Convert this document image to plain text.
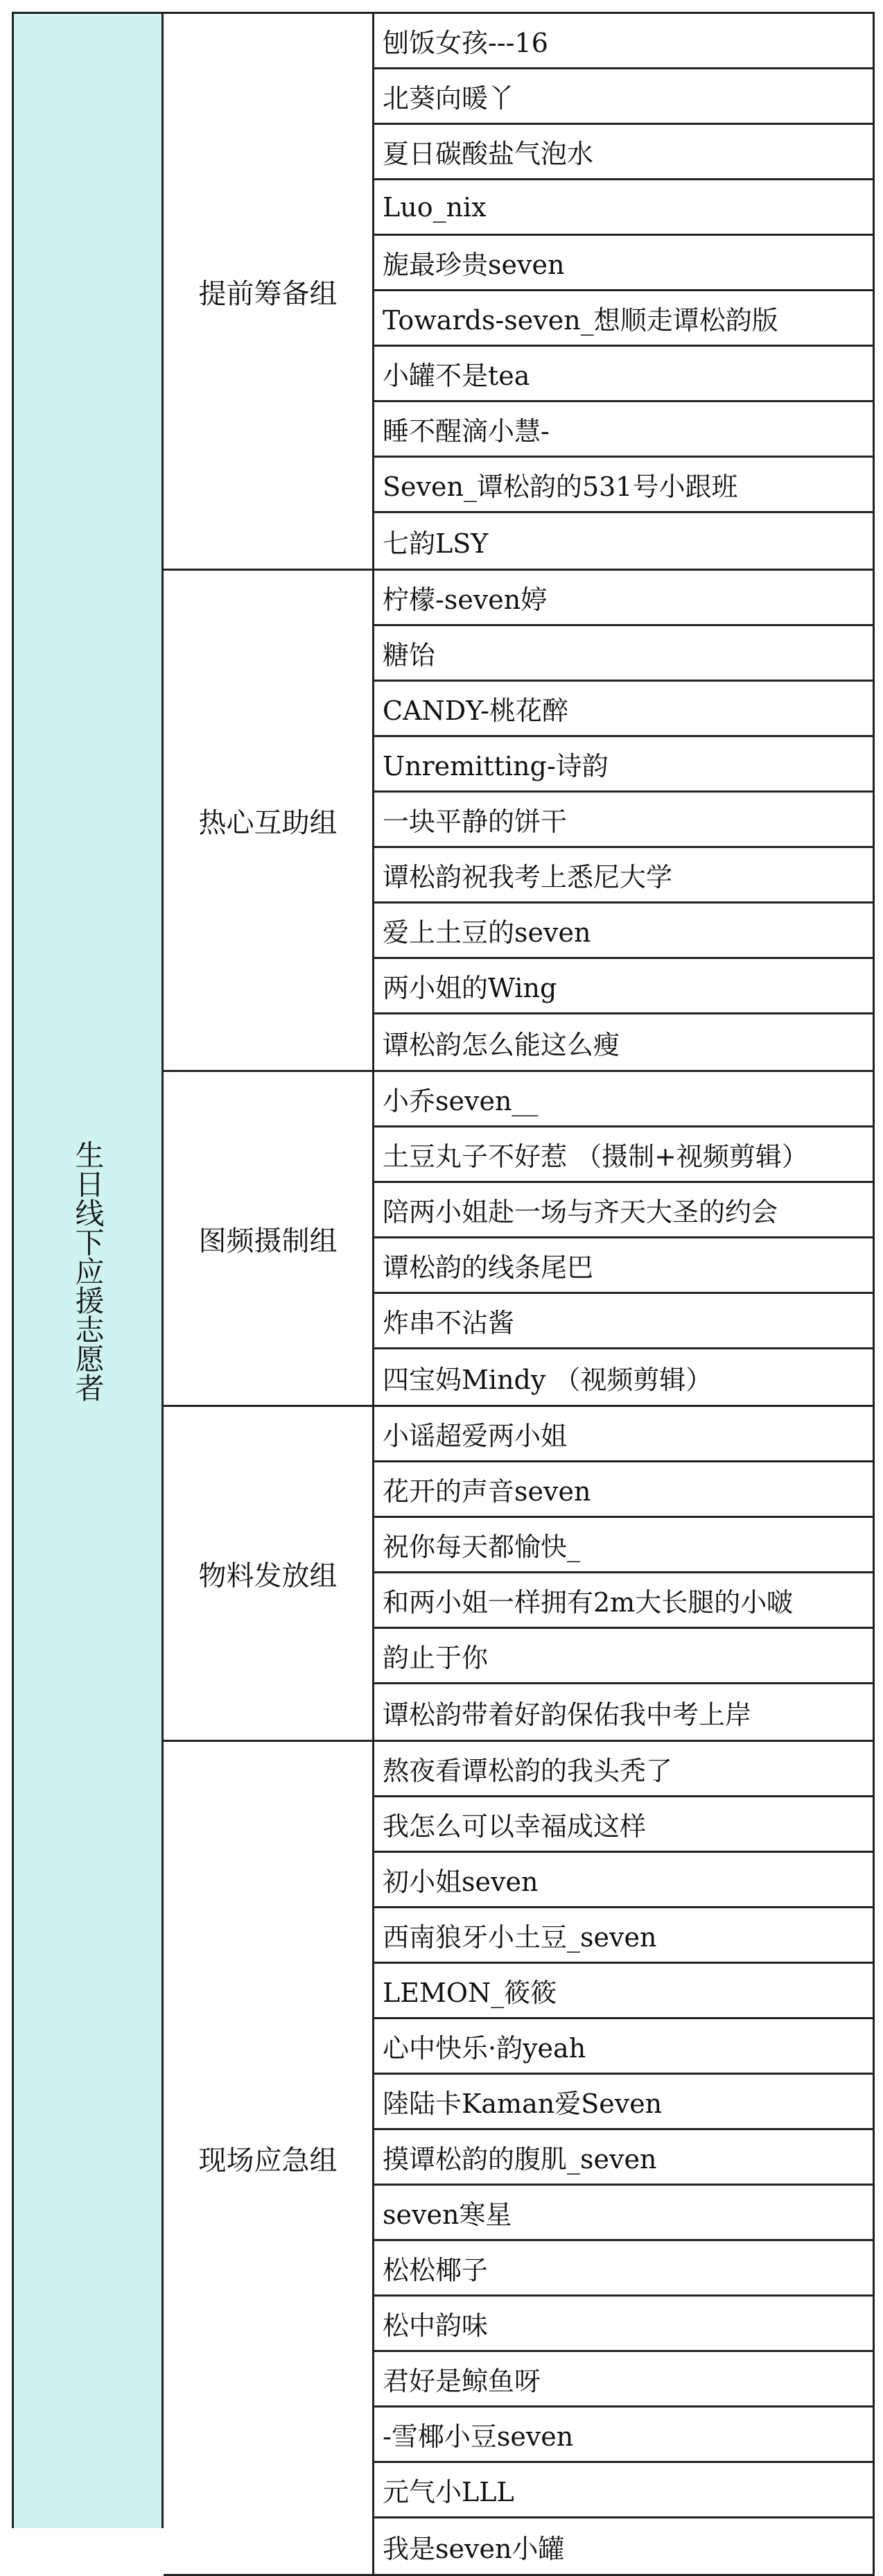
生日线下应援志愿者
提前筹备组
刨饭女孩---16
北葵向暖丫
夏日碳酸盐气泡水
Luo_nix
旎最珍贵seven
Towards-seven_想顺走谭松韵版
小罐不是tea
睡不醒滴小慧-
Seven_谭松韵的531号小跟班
七韵LSY
热心互助组
柠檬-seven婷
糖饴
CANDY-桃花醉
Unremitting-诗韵
一块平静的饼干
谭松韵祝我考上悉尼大学
爱上土豆的seven
两小姐的Wing
谭松韵怎么能这么瘦
图频摄制组
小乔seven__
土豆丸子不好惹 （摄制+视频剪辑）
陪两小姐赴一场与齐天大圣的约会
谭松韵的线条尾巴
炸串不沾酱
四宝妈Mindy （视频剪辑）
物料发放组
小谣超爱两小姐
花开的声音seven
祝你每天都愉快_
和两小姐一样拥有2m大长腿的小啵
韵止于你
谭松韵带着好韵保佑我中考上岸
现场应急组
熬夜看谭松韵的我头秃了
我怎么可以幸福成这样
初小姐seven
西南狼牙小土豆_seven
LEMON_筱筱
心中快乐·韵yeah
陸陆卡Kaman爱Seven
摸谭松韵的腹肌_seven
seven寒星
松松椰子
松中韵味
君好是鲸鱼呀
-雪椰小豆seven
元气小LLL
我是seven小罐
